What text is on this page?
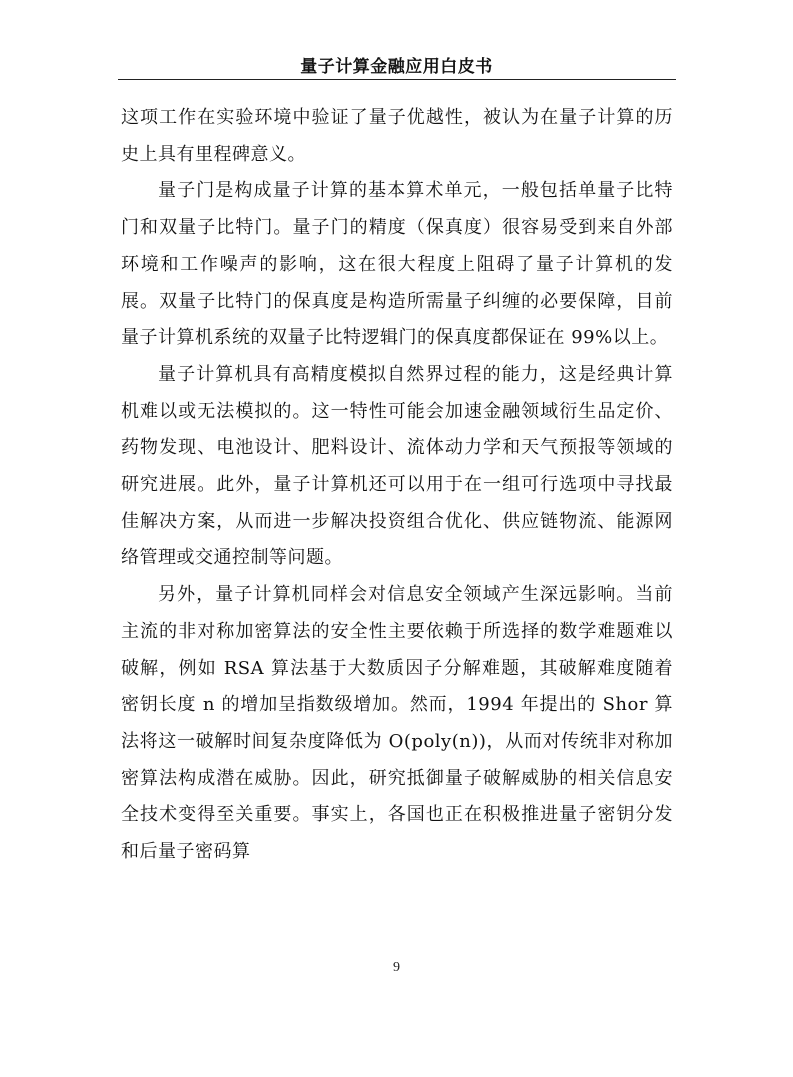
量子计算金融应用白皮书

这项工作在实验环境中验证了量子优越性，被认为在量子计算的历史上具有里程碑意义。

量子门是构成量子计算的基本算术单元，一般包括单量子比特门和双量子比特门。量子门的精度（保真度）很容易受到来自外部环境和工作噪声的影响，这在很大程度上阻碍了量子计算机的发展。双量子比特门的保真度是构造所需量子纠缠的必要保障，目前量子计算机系统的双量子比特逻辑门的保真度都保证在 99%以上。

量子计算机具有高精度模拟自然界过程的能力，这是经典计算机难以或无法模拟的。这一特性可能会加速金融领域衍生品定价、药物发现、电池设计、肥料设计、流体动力学和天气预报等领域的研究进展。此外，量子计算机还可以用于在一组可行选项中寻找最佳解决方案，从而进一步解决投资组合优化、供应链物流、能源网络管理或交通控制等问题。

另外，量子计算机同样会对信息安全领域产生深远影响。当前主流的非对称加密算法的安全性主要依赖于所选择的数学难题难以破解，例如 RSA 算法基于大数质因子分解难题，其破解难度随着密钥长度 n 的增加呈指数级增加。然而，1994 年提出的 Shor 算法将这一破解时间复杂度降低为 O(poly(n))，从而对传统非对称加密算法构成潜在威胁。因此，研究抵御量子破解威胁的相关信息安全技术变得至关重要。事实上，各国也正在积极推进量子密钥分发和后量子密码算

9
